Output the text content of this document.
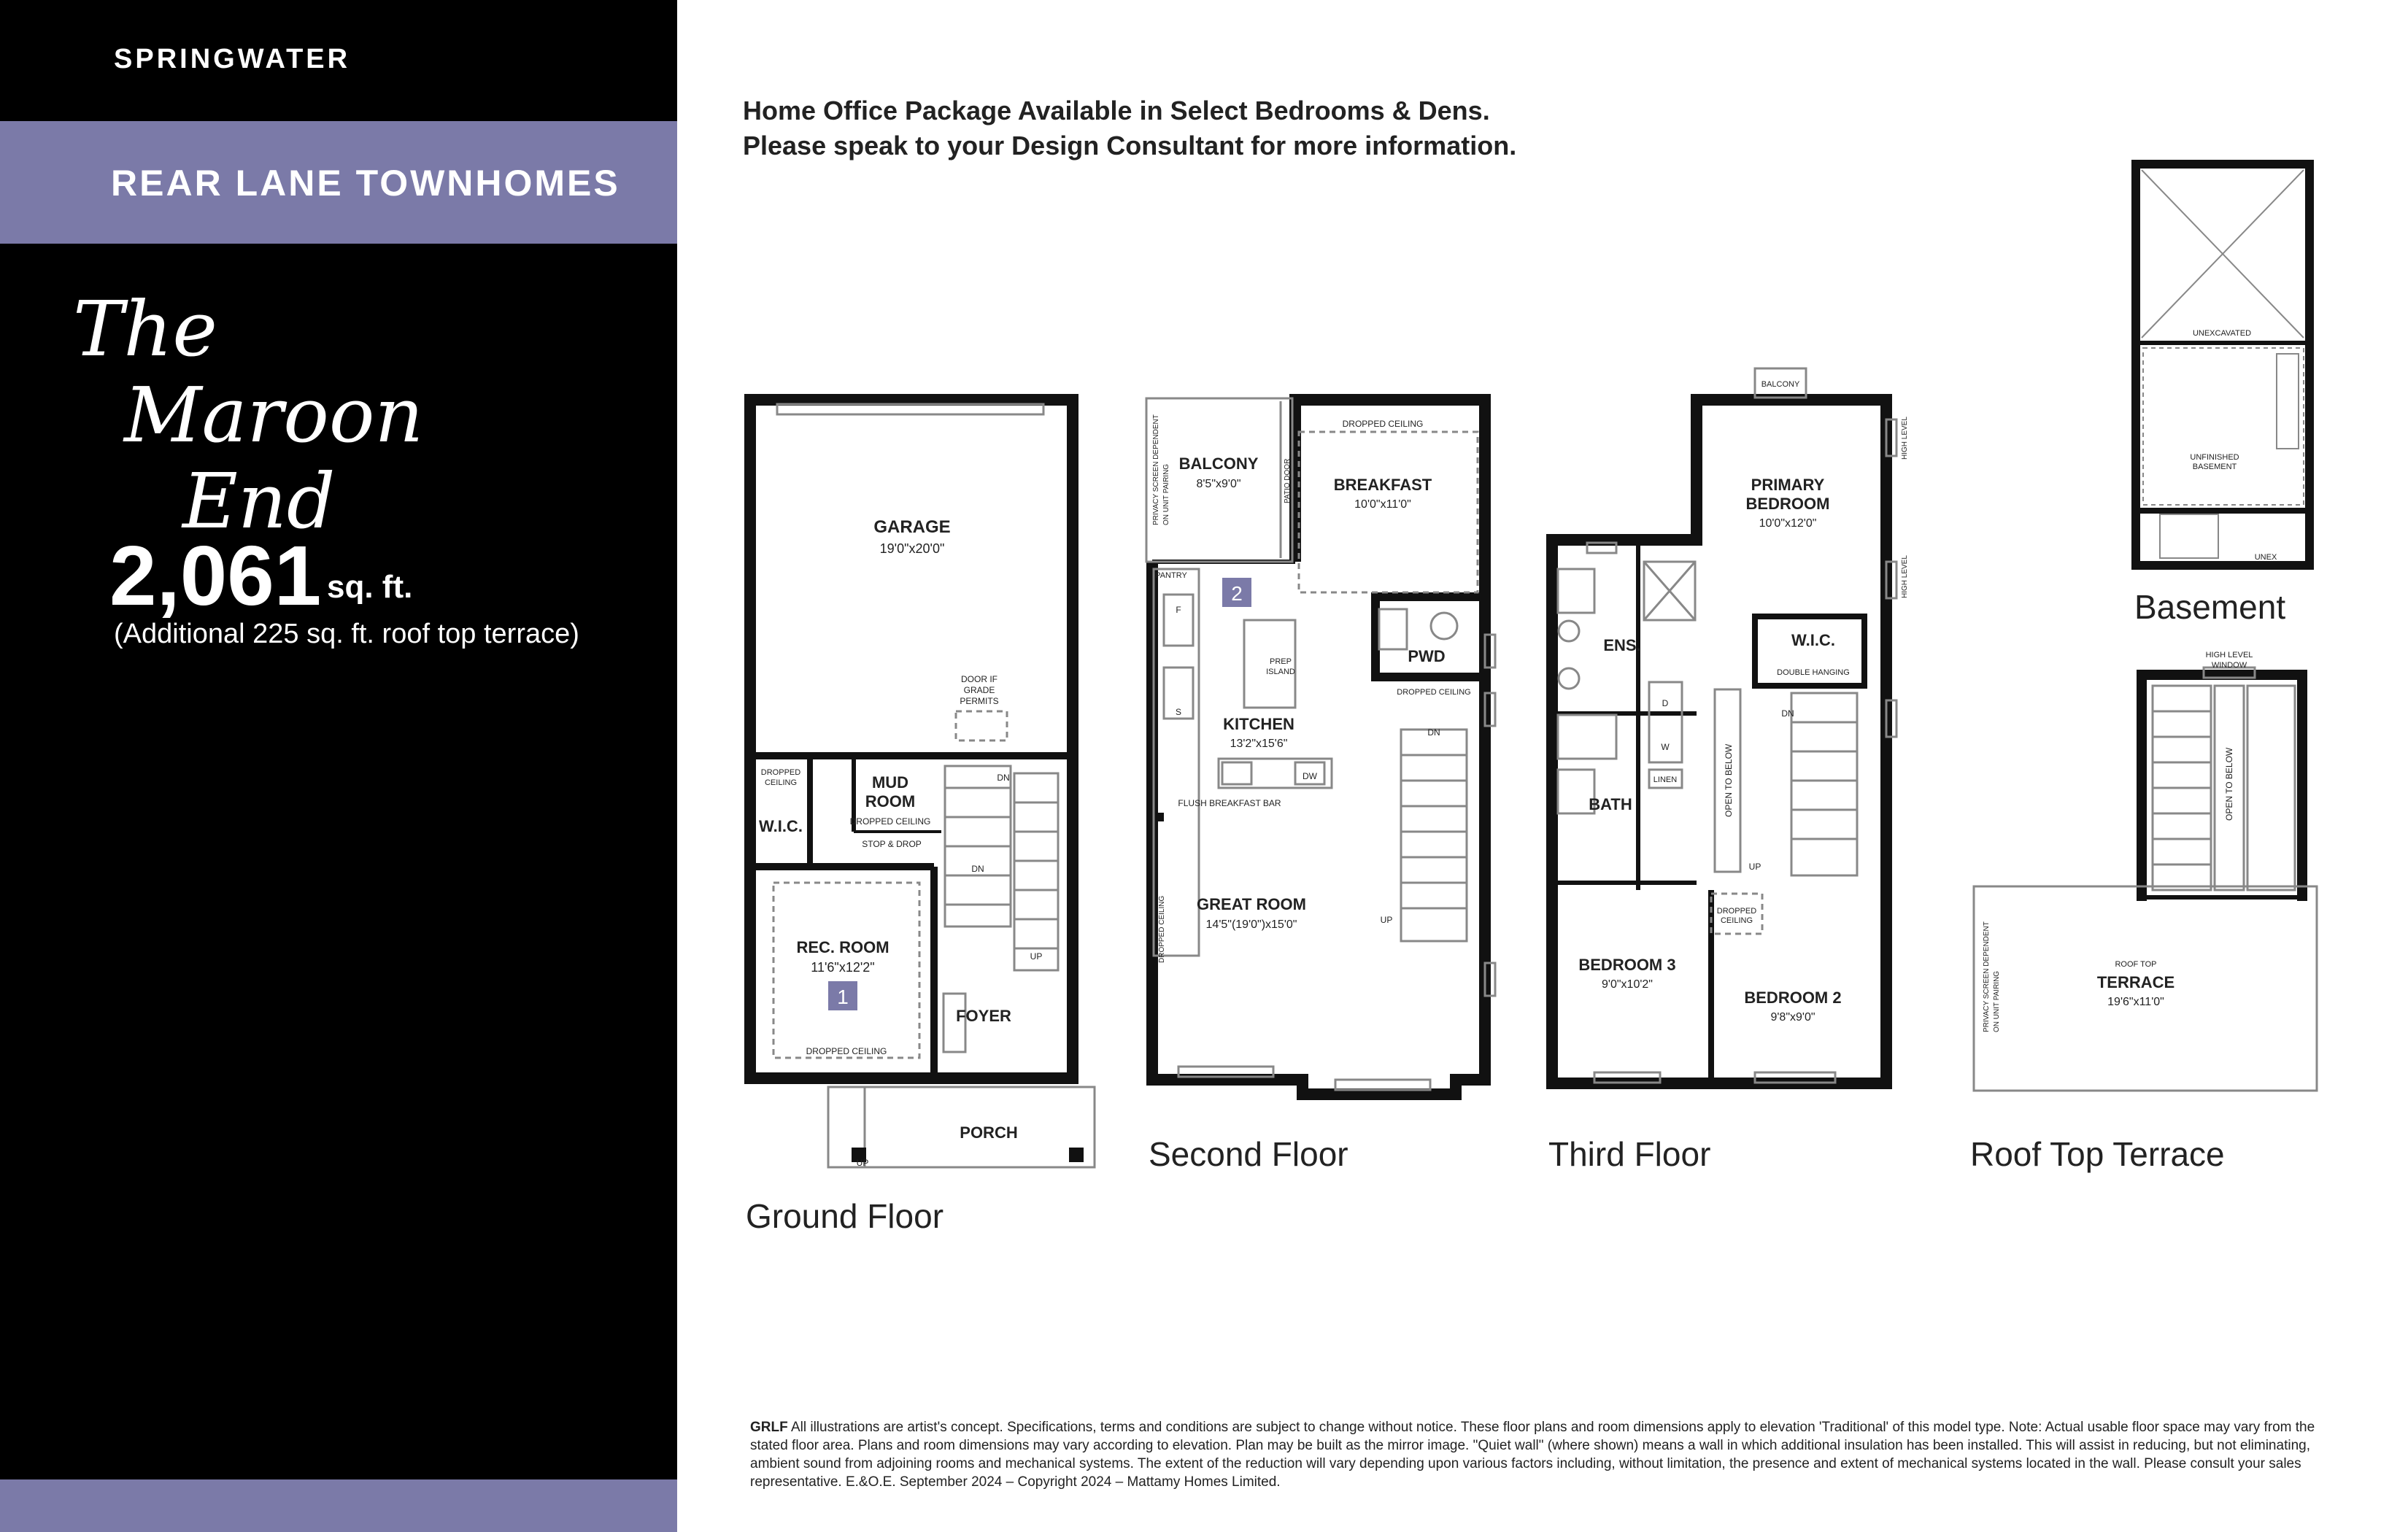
SPRINGWATER
REAR LANE TOWNHOMES
The
Maroon
End
2,061 sq. ft.
(Additional 225 sq. ft. roof top terrace)
Home Office Package Available in Select Bedrooms & Dens.
Please speak to your Design Consultant for more information.
GARAGE
19'0"x20'0"
DOOR IF
GRADE
PERMITS
MUD
ROOM
DROPPED CEILING
STOP & DROP
DROPPED
CEILING
W.I.C.
REC. ROOM
11'6"x12'2"
DROPPED CEILING
FOYER
PORCH
DN
DN
UP
UP
1
Ground Floor
BALCONY
8'5"x9'0"	BREAKFAST
10'0"x11'0"
DROPPED CEILING
PANTRY
F
S
PREP
ISLAND
PWD
DROPPED CEILING
KITCHEN
13'2"x15'6"
DW
FLUSH BREAKFAST BAR
GREAT ROOM
14'5"(19'0")x15'0"
DN
UP
PRIVACY SCREEN DEPENDENT ON UNIT PAIRING	PATIO DOOR
DROPPED CEILING
2
Second Floor
BALCONY
PRIMARY
BEDROOM
10'0"x12'0"
ENS.	W.I.C.
DOUBLE HANGING
D
W
BATH
LINEN
DROPPED
CEILING
BEDROOM 3
9'0"x10'2"
BEDROOM 2
9'8"x9'0"
DN
UP
HIGH LEVEL
HIGH LEVEL
OPEN TO BELOW
Third Floor
UNEXCAVATED
UNFINISHED
BASEMENT
UNEX
Basement
HIGH LEVEL
WINDOW
ROOF TOP
TERRACE
19'6"x11'0"
PRIVACY SCREEN DEPENDENT ON UNIT PAIRING
OPEN TO BELOW
Roof Top Terrace
GRLF All illustrations are artist's concept. Specifications, terms and conditions are subject to change without notice. These floor plans and room dimensions apply to elevation 'Traditional' of this model type. Note: Actual usable floor space may vary from the stated floor area. Plans and room dimensions may vary according to elevation. Plan may be built as the mirror image. "Quiet wall" (where shown) means a wall in which additional insulation has been installed. This will assist in reducing, but not eliminating, ambient sound from adjoining rooms and mechanical systems. The extent of the reduction will vary depending upon various factors including, without limitation, the presence and extent of mechanical systems located in the wall. Please consult your sales representative. E.&O.E. September 2024 – Copyright 2024 – Mattamy Homes Limited.
